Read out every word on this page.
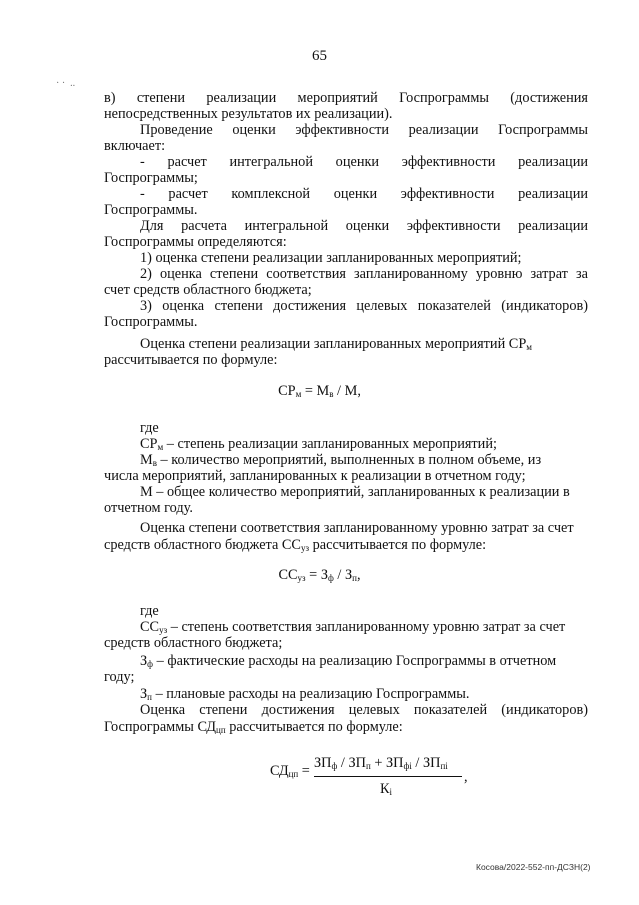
65
· ·  ..
в) степени реализации мероприятий Госпрограммы (достижения
непосредственных результатов их реализации).
Проведение оценки эффективности реализации Госпрограммы
включает:
- расчет интегральной оценки эффективности реализации
Госпрограммы;
- расчет комплексной оценки эффективности реализации
Госпрограммы.
Для расчета интегральной оценки эффективности реализации
Госпрограммы определяются:
1) оценка степени реализации запланированных мероприятий;
2) оценка степени соответствия запланированному уровню затрат за
счет средств областного бюджета;
3) оценка степени достижения целевых показателей (индикаторов)
Госпрограммы.
Оценка степени реализации запланированных мероприятий $СР_м$
рассчитывается по формуле:
$СР_м = М_в / М$,
где
$СР_м$ – степень реализации запланированных мероприятий;
$М_в$ – количество мероприятий, выполненных в полном объеме, из
числа мероприятий, запланированных к реализации в отчетном году;
М – общее количество мероприятий, запланированных к реализации в
отчетном году.
Оценка степени соответствия запланированному уровню затрат за счет
средств областного бюджета $СС_{уз}$ рассчитывается по формуле:
$СС_{уз} = З_ф / З_п$,
где
$СС_{уз}$ – степень соответствия запланированному уровню затрат за счет
средств областного бюджета;
$З_ф$ – фактические расходы на реализацию Госпрограммы в отчетном
году;
$З_п$ – плановые расходы на реализацию Госпрограммы.
Оценка степени достижения целевых показателей (индикаторов)
Госпрограммы $СД_{цп}$ рассчитывается по формуле:
$СД_{цп} = ЗП_ф / ЗП_п + ЗП_{фi} / ЗП_{пi}$
$К_i$
,
Косова/2022-552-пп-ДСЗН(2)
